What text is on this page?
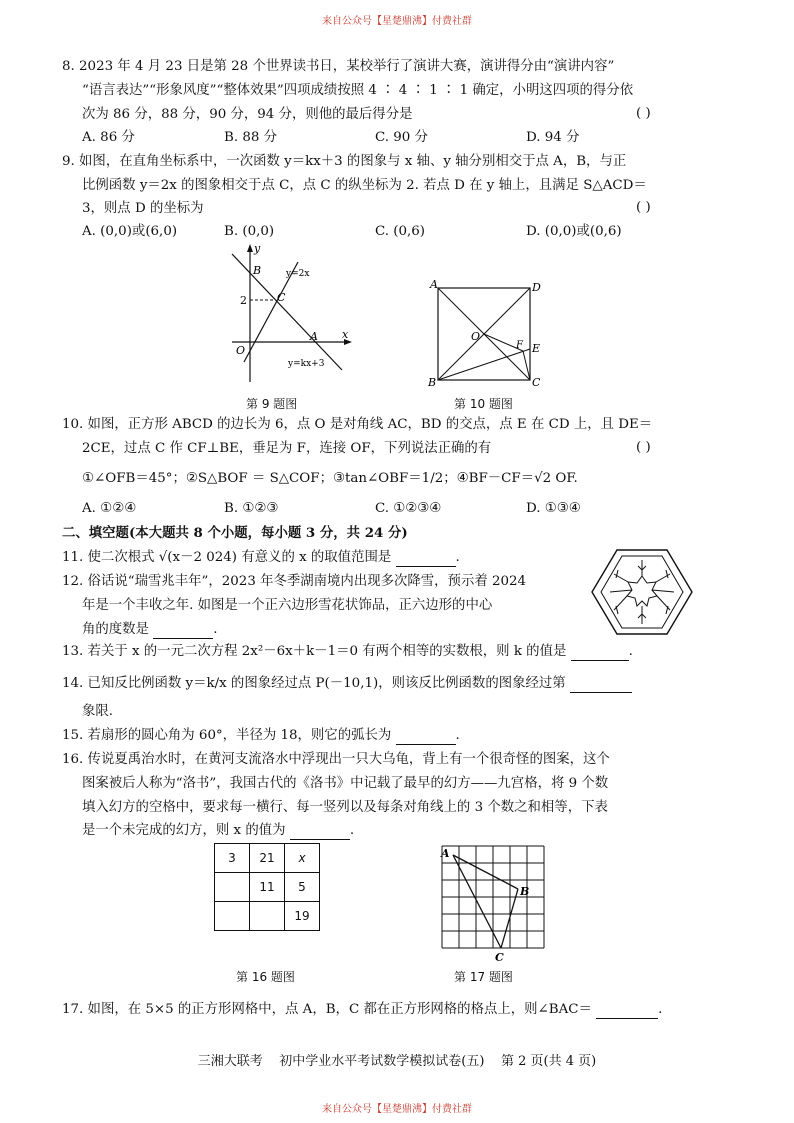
来自公众号【星楚鼎沸】付费社群
8. 2023 年 4 月 23 日是第 28 个世界读书日，某校举行了演讲大赛，演讲得分由“演讲内容”
“语言表达”“形象风度”“整体效果”四项成绩按照 4 ∶ 4 ∶ 1 ∶ 1 确定，小明这四项的得分依
次为 86 分，88 分，90 分，94 分，则他的最后得分是	( )
A. 86 分	B. 88 分	C. 90 分	D. 94 分
9. 如图，在直角坐标系中，一次函数 y＝kx＋3 的图象与 x 轴、y 轴分别相交于点 A，B，与正
比例函数 y＝2x 的图象相交于点 C，点 C 的纵坐标为 2. 若点 D 在 y 轴上，且满足 S△ACD＝
3，则点 D 的坐标为	( )
A. (0,0)或(6,0)	B. (0,0)	C. (0,6)	D. (0,0)或(0,6)
y
x
B
C
A
O
2
y=2x
y=kx+3
第 9 题图
A	D
O
F E
B	C
第 10 题图
10. 如图，正方形 ABCD 的边长为 6，点 O 是对角线 AC，BD 的交点，点 E 在 CD 上，且 DE＝
2CE，过点 C 作 CF⊥BE，垂足为 F，连接 OF，下列说法正确的有	( )
①∠OFB＝45°；②S△BOF ＝ S△COF；③tan∠OBF＝1/2；④BF－CF＝√2 OF.
A. ①②④	B. ①②③	C. ①②③④	D. ①③④
二、填空题(本大题共 8 个小题，每小题 3 分，共 24 分)
11. 使二次根式 √(x－2 024) 有意义的 x 的取值范围是	.
12. 俗话说“瑞雪兆丰年”，2023 年冬季湖南境内出现多次降雪，预示着 2024
年是一个丰收之年. 如图是一个正六边形雪花状饰品，正六边形的中心
角的度数是	.
13. 若关于 x 的一元二次方程 2x²－6x＋k－1＝0 有两个相等的实数根，则 k 的值是	.
14. 已知反比例函数 y＝k/x 的图象经过点 P(－10,1)，则该反比例函数的图象经过第
象限.
15. 若扇形的圆心角为 60°，半径为 18，则它的弧长为	.
16. 传说夏禹治水时，在黄河支流洛水中浮现出一只大乌龟，背上有一个很奇怪的图案，这个
图案被后人称为“洛书”，我国古代的《洛书》中记载了最早的幻方——九宫格，将 9 个数
填入幻方的空格中，要求每一横行、每一竖列以及每条对角线上的 3 个数之和相等，下表
是一个未完成的幻方，则 x 的值为	.
3	21	x
	11	5
		19
第 16 题图
A
B
C
第 17 题图
17. 如图，在 5×5 的正方形网格中，点 A，B，C 都在正方形网格的格点上，则∠BAC＝	.
三湘大联考    初中学业水平考试数学模拟试卷(五)    第 2 页(共 4 页)
来自公众号【星楚鼎沸】付费社群
